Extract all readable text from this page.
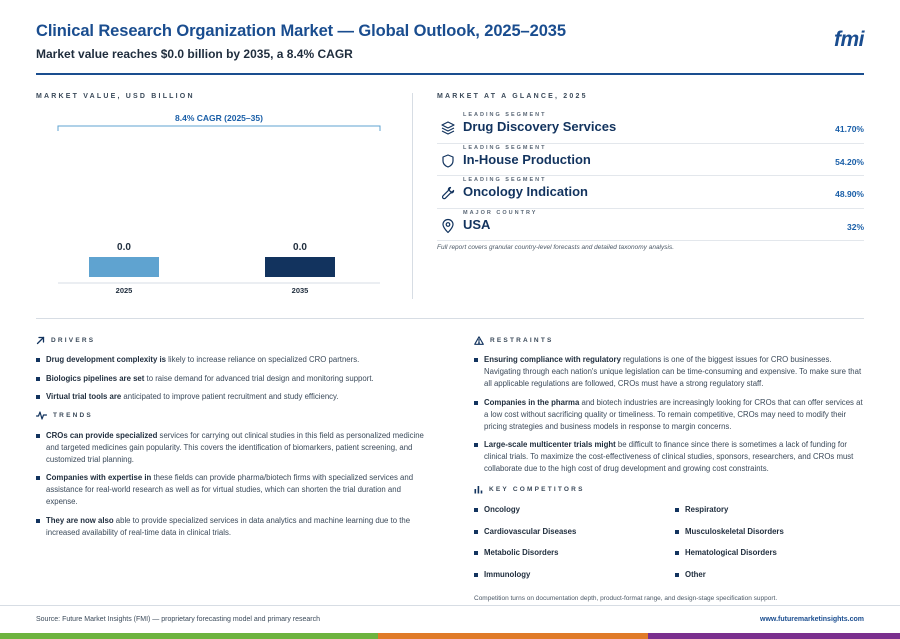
Clinical Research Organization Market — Global Outlook, 2025–2035
Market value reaches $0.0 billion by 2035, a 8.4% CAGR
fmi
MARKET VALUE, USD BILLION
8.4% CAGR (2025–35)
0.0
2025
0.0
2035
MARKET AT A GLANCE, 2025
LEADING SEGMENT
Drug Discovery Services	41.70%
LEADING SEGMENT
In-House Production	54.20%
LEADING SEGMENT
Oncology Indication	48.90%
MAJOR COUNTRY
USA	32%
Full report covers granular country-level forecasts and detailed taxonomy analysis.
DRIVERS
Drug development complexity is likely to increase reliance on specialized CRO partners.
Biologics pipelines are set to raise demand for advanced trial design and monitoring support.
Virtual trial tools are anticipated to improve patient recruitment and study efficiency.
TRENDS
CROs can provide specialized services for carrying out clinical studies in this field as personalized medicine and targeted medicines gain popularity. This covers the identification of biomarkers, patient screening, and customized trial planning.
Companies with expertise in these fields can provide pharma/biotech firms with specialized services and assistance for real-world research as well as for virtual studies, which can shorten the trial duration and expense.
They are now also able to provide specialized services in data analytics and machine learning due to the increased availability of real-time data in clinical trials.
RESTRAINTS
Ensuring compliance with regulatory regulations is one of the biggest issues for CRO businesses. Navigating through each nation's unique legislation can be time-consuming and expensive. To make sure that all applicable regulations are followed, CROs must have a strong regulatory staff.
Companies in the pharma and biotech industries are increasingly looking for CROs that can offer services at a low cost without sacrificing quality or timeliness. To remain competitive, CROs may need to modify their pricing strategies and business models in response to margin concerns.
Large-scale multicenter trials might be difficult to finance since there is sometimes a lack of funding for clinical trials. To maximize the cost-effectiveness of clinical studies, sponsors, researchers, and CROs must collaborate due to the high cost of drug development and growing cost constraints.
KEY COMPETITORS
Oncology	Respiratory
Cardiovascular Diseases	Musculoskeletal Disorders
Metabolic Disorders	Hematological Disorders
Immunology	Other
Competition turns on documentation depth, product-format range, and design-stage specification support.
Source: Future Market Insights (FMI) — proprietary forecasting model and primary research	www.futuremarketinsights.com
